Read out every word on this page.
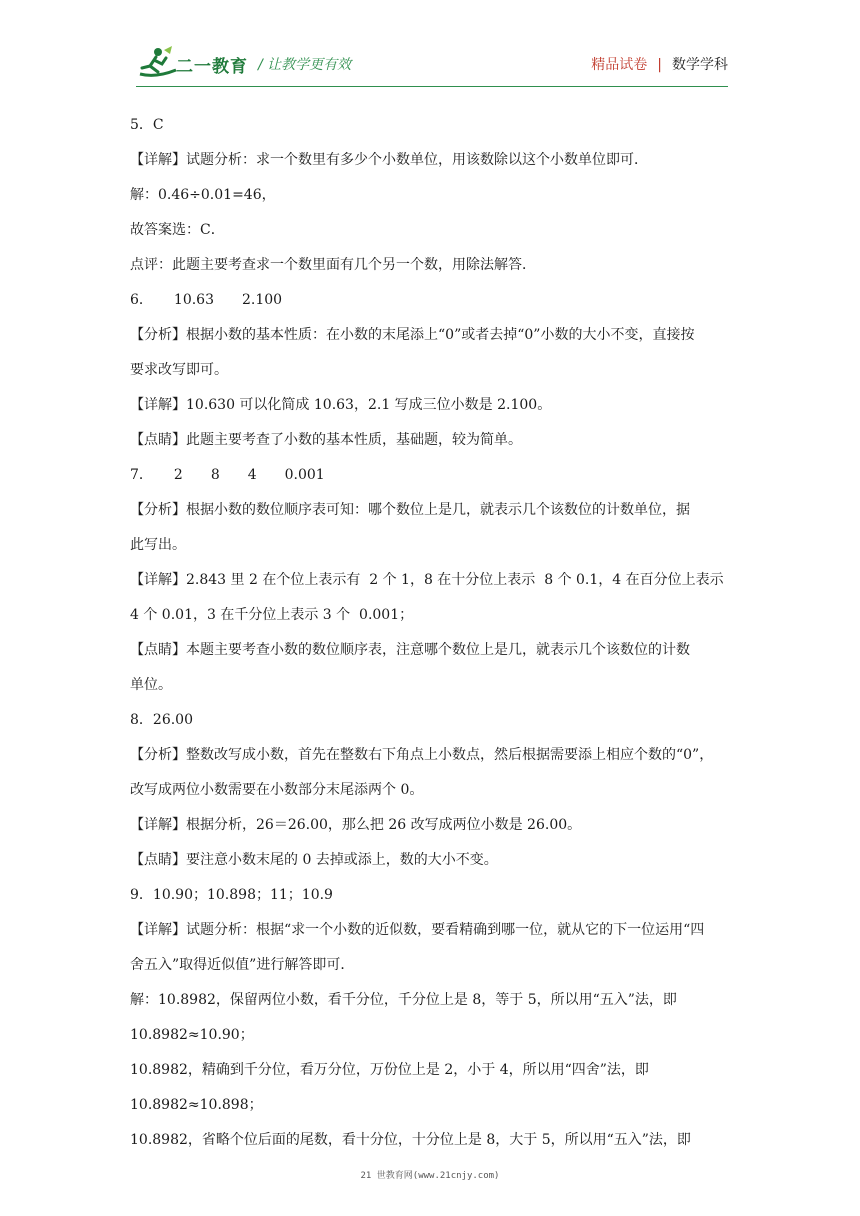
二一教育 / 让教学更有效	精品试卷 | 数学学科

5．C

【详解】试题分析：求一个数里有多少个小数单位，用该数除以这个小数单位即可．

解：0.46÷0.01=46，

故答案选：C．

点评：此题主要考查求一个数里面有几个另一个数，用除法解答．

6．　　10.63　　2.100

【分析】根据小数的基本性质：在小数的末尾添上“0”或者去掉“0”小数的大小不变，直接按

要求改写即可。

【详解】10.630 可以化简成 10.63，2.1 写成三位小数是 2.100。

【点睛】此题主要考查了小数的基本性质，基础题，较为简单。

7．　　2　　8　　4　　0.001

【分析】根据小数的数位顺序表可知：哪个数位上是几，就表示几个该数位的计数单位，据

此写出。

【详解】2.843 里 2 在个位上表示有  2 个 1，8 在十分位上表示  8 个 0.1，4 在百分位上表示

4 个 0.01，3 在千分位上表示 3 个  0.001；

【点睛】本题主要考查小数的数位顺序表，注意哪个数位上是几，就表示几个该数位的计数

单位。

8．26.00

【分析】整数改写成小数，首先在整数右下角点上小数点，然后根据需要添上相应个数的“0”，

改写成两位小数需要在小数部分末尾添两个 0。

【详解】根据分析，26＝26.00，那么把 26 改写成两位小数是 26.00。

【点睛】要注意小数末尾的 0 去掉或添上，数的大小不变。

9．10.90；10.898；11；10.9

【详解】试题分析：根据“求一个小数的近似数，要看精确到哪一位，就从它的下一位运用“四

舍五入”取得近似值”进行解答即可．

解：10.8982，保留两位小数，看千分位，千分位上是 8，等于 5，所以用“五入”法，即

10.8982≈10.90；

10.8982，精确到千分位，看万分位，万份位上是 2，小于 4，所以用“四舍”法，即

10.8982≈10.898；

10.8982，省略个位后面的尾数，看十分位，十分位上是 8，大于 5，所以用“五入”法，即

21 世教育网(www.21cnjy.com)
